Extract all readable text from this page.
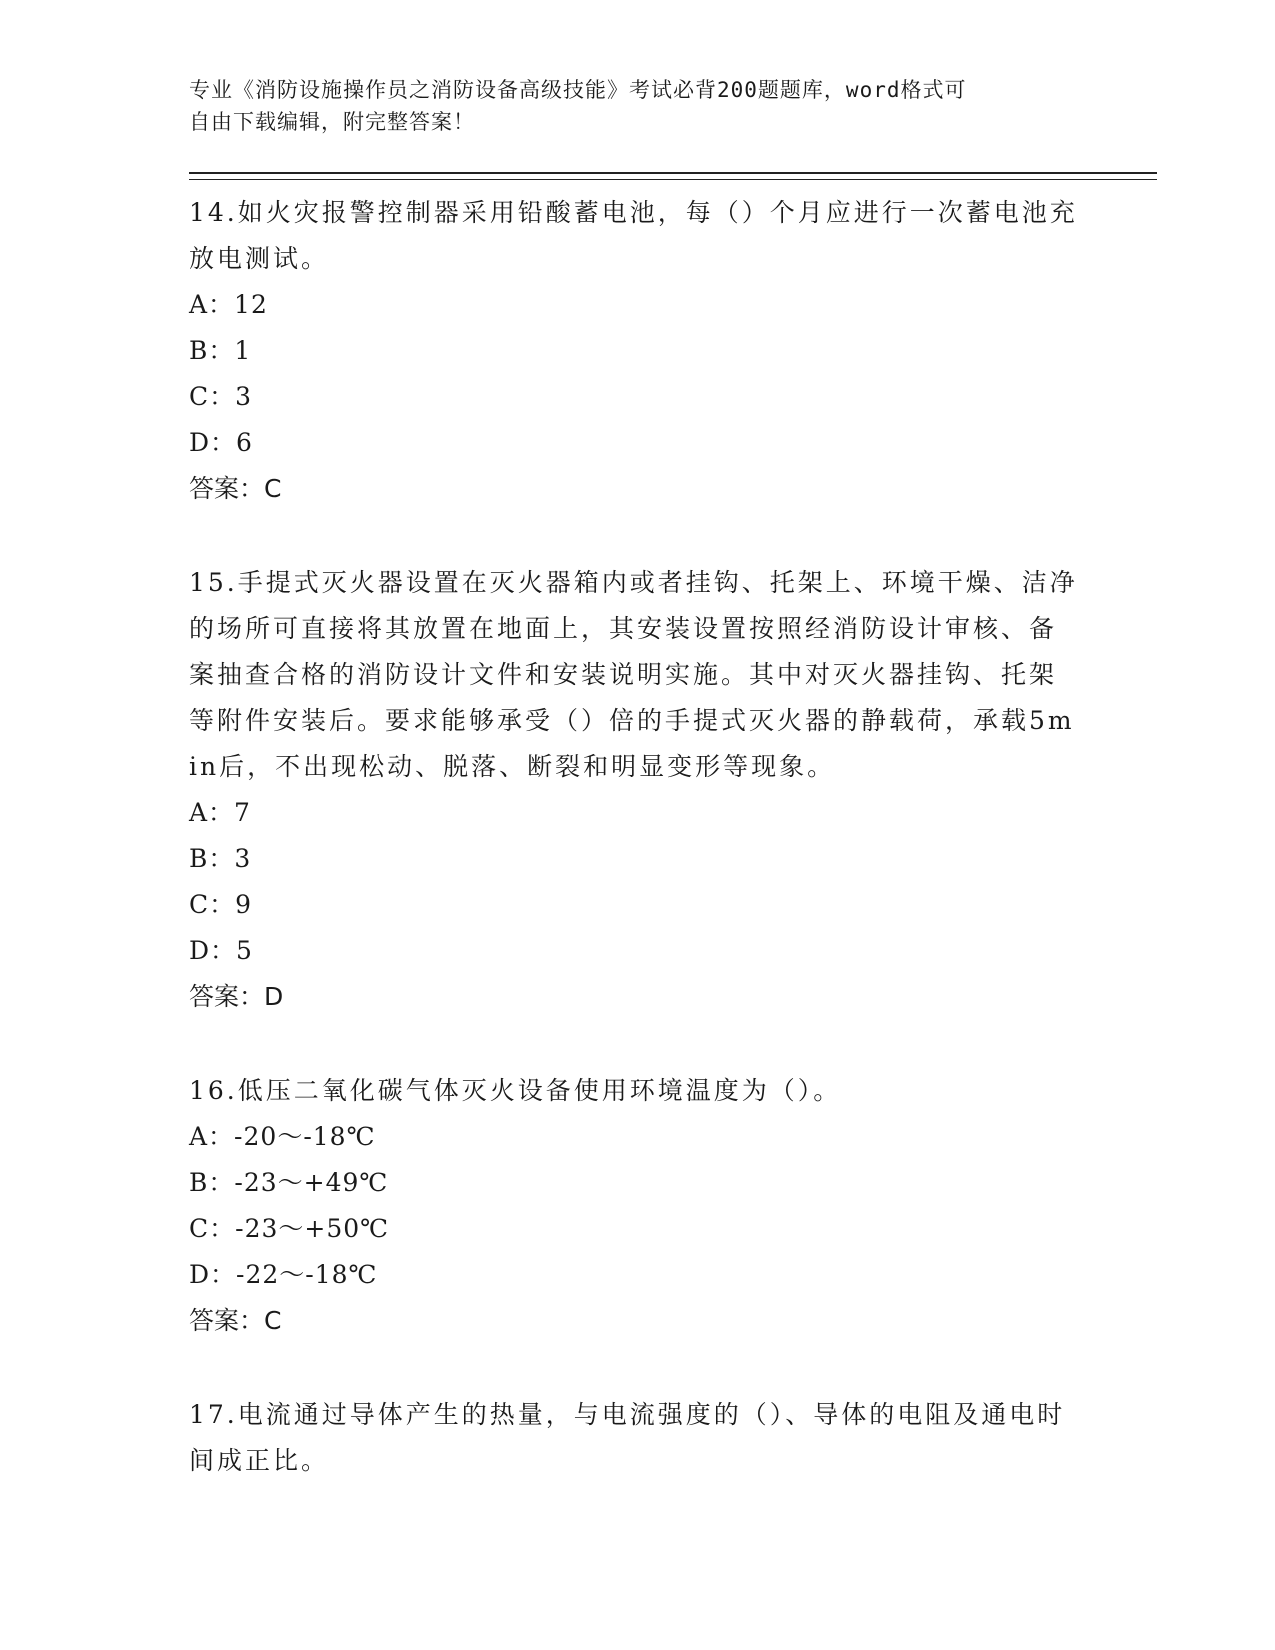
专业《消防设施操作员之消防设备高级技能》考试必背200题题库，word格式可
自由下载编辑，附完整答案！
14.如火灾报警控制器采用铅酸蓄电池，每（）个月应进行一次蓄电池充放电测试。
A：12
B：1
C：3
D：6
答案：C
15.手提式灭火器设置在灭火器箱内或者挂钩、托架上、环境干燥、洁净的场所可直接将其放置在地面上，其安装设置按照经消防设计审核、备案抽查合格的消防设计文件和安装说明实施。其中对灭火器挂钩、托架等附件安装后。要求能够承受（）倍的手提式灭火器的静载荷，承载5min后，不出现松动、脱落、断裂和明显变形等现象。
A：7
B：3
C：9
D：5
答案：D
16.低压二氧化碳气体灭火设备使用环境温度为（）。
A：-20～-18℃
B：-23～+49℃
C：-23～+50℃
D：-22～-18℃
答案：C
17.电流通过导体产生的热量，与电流强度的（）、导体的电阻及通电时间成正比。
